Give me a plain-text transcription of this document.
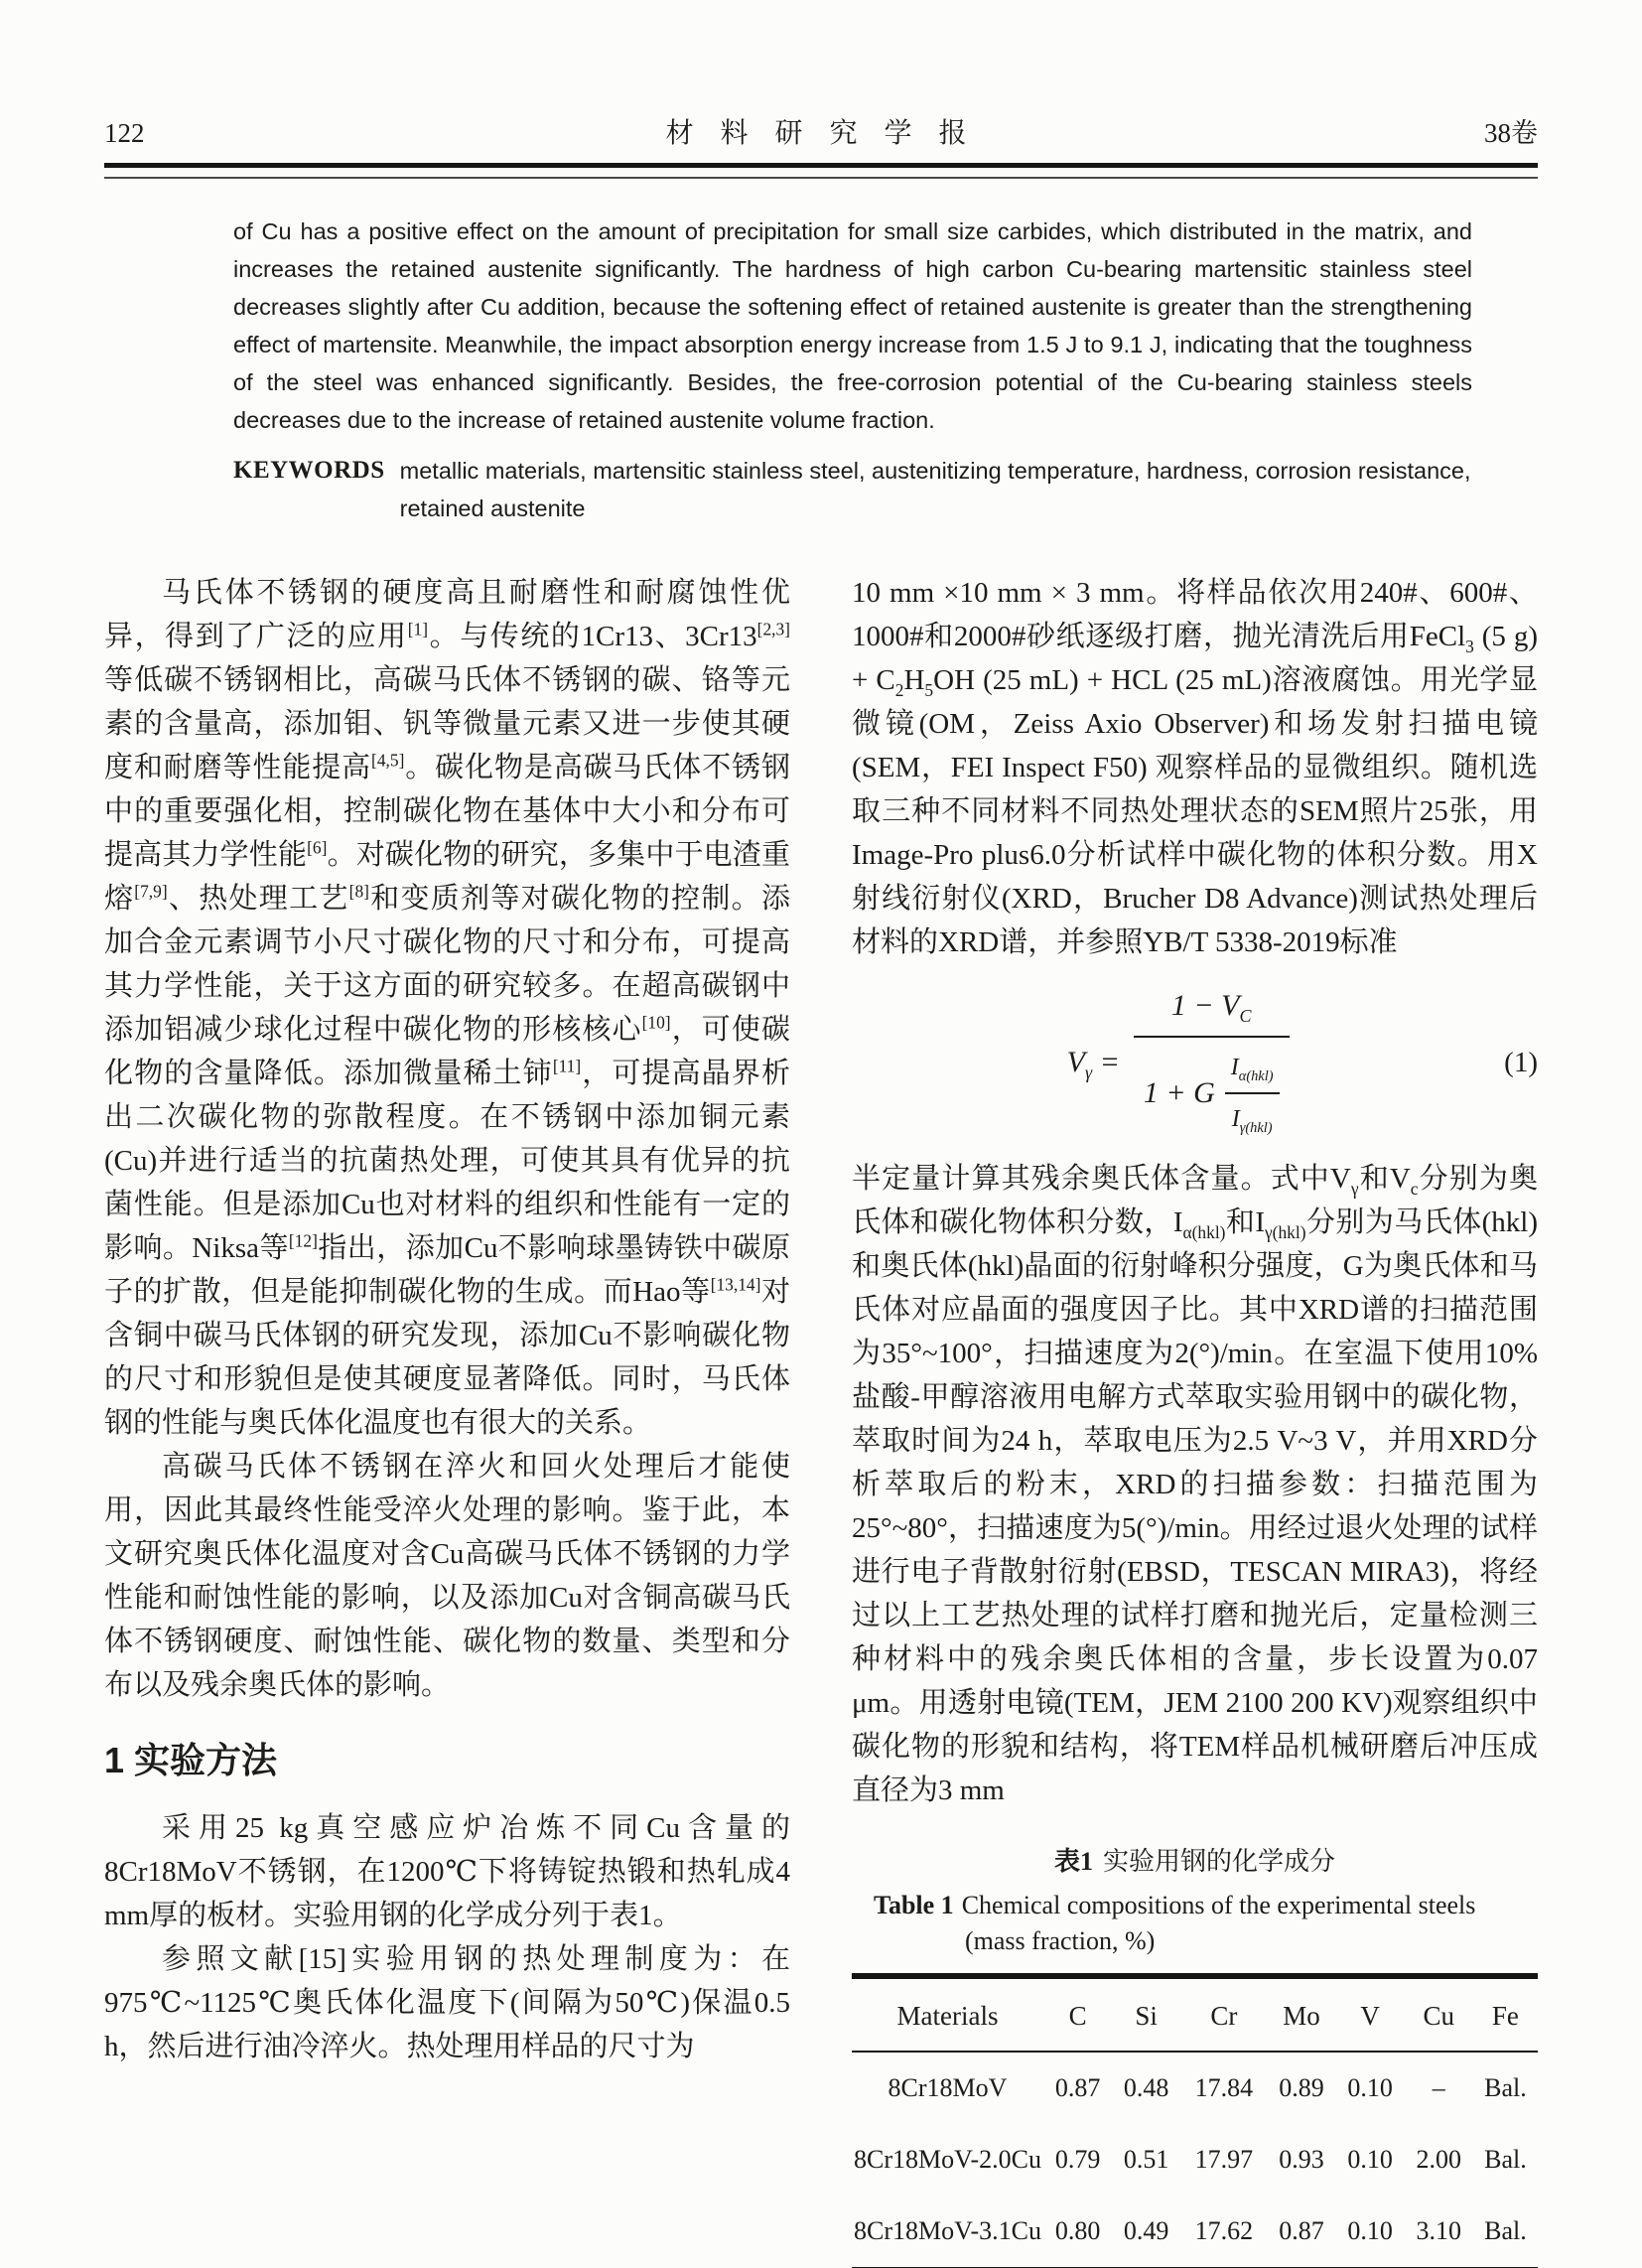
122	材 料 研 究 学 报	38卷

of Cu has a positive effect on the amount of precipitation for small size carbides, which distributed in the matrix, and increases the retained austenite significantly. The hardness of high carbon Cu-bearing martensitic stainless steel decreases slightly after Cu addition, because the softening effect of retained austenite is greater than the strengthening effect of martensite. Meanwhile, the impact absorption energy increase from 1.5 J to 9.1 J, indicating that the toughness of the steel was enhanced significantly. Besides, the free-corrosion potential of the Cu-bearing stainless steels decreases due to the increase of retained austenite volume fraction.

KEYWORDS metallic materials, martensitic stainless steel, austenitizing temperature, hardness, corrosion resistance, retained austenite

马氏体不锈钢的硬度高且耐磨性和耐腐蚀性优异，得到了广泛的应用[1]。与传统的1Cr13、3Cr13[2,3]等低碳不锈钢相比，高碳马氏体不锈钢的碳、铬等元素的含量高，添加钼、钒等微量元素又进一步使其硬度和耐磨等性能提高[4,5]。碳化物是高碳马氏体不锈钢中的重要强化相，控制碳化物在基体中大小和分布可提高其力学性能[6]。对碳化物的研究，多集中于电渣重熔[7,9]、热处理工艺[8]和变质剂等对碳化物的控制。添加合金元素调节小尺寸碳化物的尺寸和分布，可提高其力学性能，关于这方面的研究较多。在超高碳钢中添加铝减少球化过程中碳化物的形核核心[10]，可使碳化物的含量降低。添加微量稀土铈[11]，可提高晶界析出二次碳化物的弥散程度。在不锈钢中添加铜元素(Cu)并进行适当的抗菌热处理，可使其具有优异的抗菌性能。但是添加Cu也对材料的组织和性能有一定的影响。Niksa等[12]指出，添加Cu不影响球墨铸铁中碳原子的扩散，但是能抑制碳化物的生成。而Hao等[13,14]对含铜中碳马氏体钢的研究发现，添加Cu不影响碳化物的尺寸和形貌但是使其硬度显著降低。同时，马氏体钢的性能与奥氏体化温度也有很大的关系。

高碳马氏体不锈钢在淬火和回火处理后才能使用，因此其最终性能受淬火处理的影响。鉴于此，本文研究奥氏体化温度对含Cu高碳马氏体不锈钢的力学性能和耐蚀性能的影响，以及添加Cu对含铜高碳马氏体不锈钢硬度、耐蚀性能、碳化物的数量、类型和分布以及残余奥氏体的影响。

1 实验方法

采用25 kg真空感应炉冶炼不同Cu含量的8Cr18MoV不锈钢，在1200℃下将铸锭热锻和热轧成4 mm厚的板材。实验用钢的化学成分列于表1。

参照文献[15]实验用钢的热处理制度为：在975℃~1125℃奥氏体化温度下(间隔为50℃)保温0.5 h，然后进行油冷淬火。热处理用样品的尺寸为

10 mm ×10 mm × 3 mm。将样品依次用240#、600#、1000#和2000#砂纸逐级打磨，抛光清洗后用FeCl$_3$ (5 $g) + C_2H_5OH$ (25 mL) + HCL (25 mL)溶液腐蚀。用光学显微镜(OM，Zeiss Axio Observer)和场发射扫描电镜(SEM，FEI Inspect F50) 观察样品的显微组织。随机选取三种不同材料不同热处理状态的SEM照片25张，用Image-Pro plus6.0分析试样中碳化物的体积分数。用X射线衍射仪(XRD，Brucher D8 Advance)测试热处理后材料的XRD谱，并参照YB/T 5338-2019标准

$V_\gamma$ =
$1 - V_C$
1 + G $\frac{I_{\alpha(hkl)}}{I_{\gamma(hkl)}}$	(1)

半定量计算其残余奥氏体含量。式中$V_\gamma$和$V_c$分别为奥氏体和碳化物体积分数，$I_{\alpha(hkl)}$和$I_{\gamma(hkl)}$分别为马氏体(hkl)和奥氏体(hkl)晶面的衍射峰积分强度，G为奥氏体和马氏体对应晶面的强度因子比。其中XRD谱的扫描范围为35°~100°，扫描速度为2(°)/min。在室温下使用10%盐酸-甲醇溶液用电解方式萃取实验用钢中的碳化物，萃取时间为24 h，萃取电压为2.5 V~3 V，并用XRD分析萃取后的粉末，XRD的扫描参数：扫描范围为25°~80°，扫描速度为5(°)/min。用经过退火处理的试样进行电子背散射衍射(EBSD，TESCAN MIRA3)，将经过以上工艺热处理的试样打磨和抛光后，定量检测三种材料中的残余奥氏体相的含量，步长设置为0.07 μm。用透射电镜(TEM，JEM 2100 200 KV)观察组织中碳化物的形貌和结构，将TEM样品机械研磨后冲压成直径为3 mm

表1 实验用钢的化学成分
Table 1 Chemical compositions of the experimental steels
(mass fraction, %)
Materials	C	Si	Cr	Mo	V	Cu	Fe
8Cr18MoV	0.87	0.48	17.84	0.89	0.10	–	Bal.
8Cr18MoV-2.0Cu	0.79	0.51	17.97	0.93	0.10	2.00	Bal.
8Cr18MoV-3.1Cu	0.80	0.49	17.62	0.87	0.10	3.10	Bal.
